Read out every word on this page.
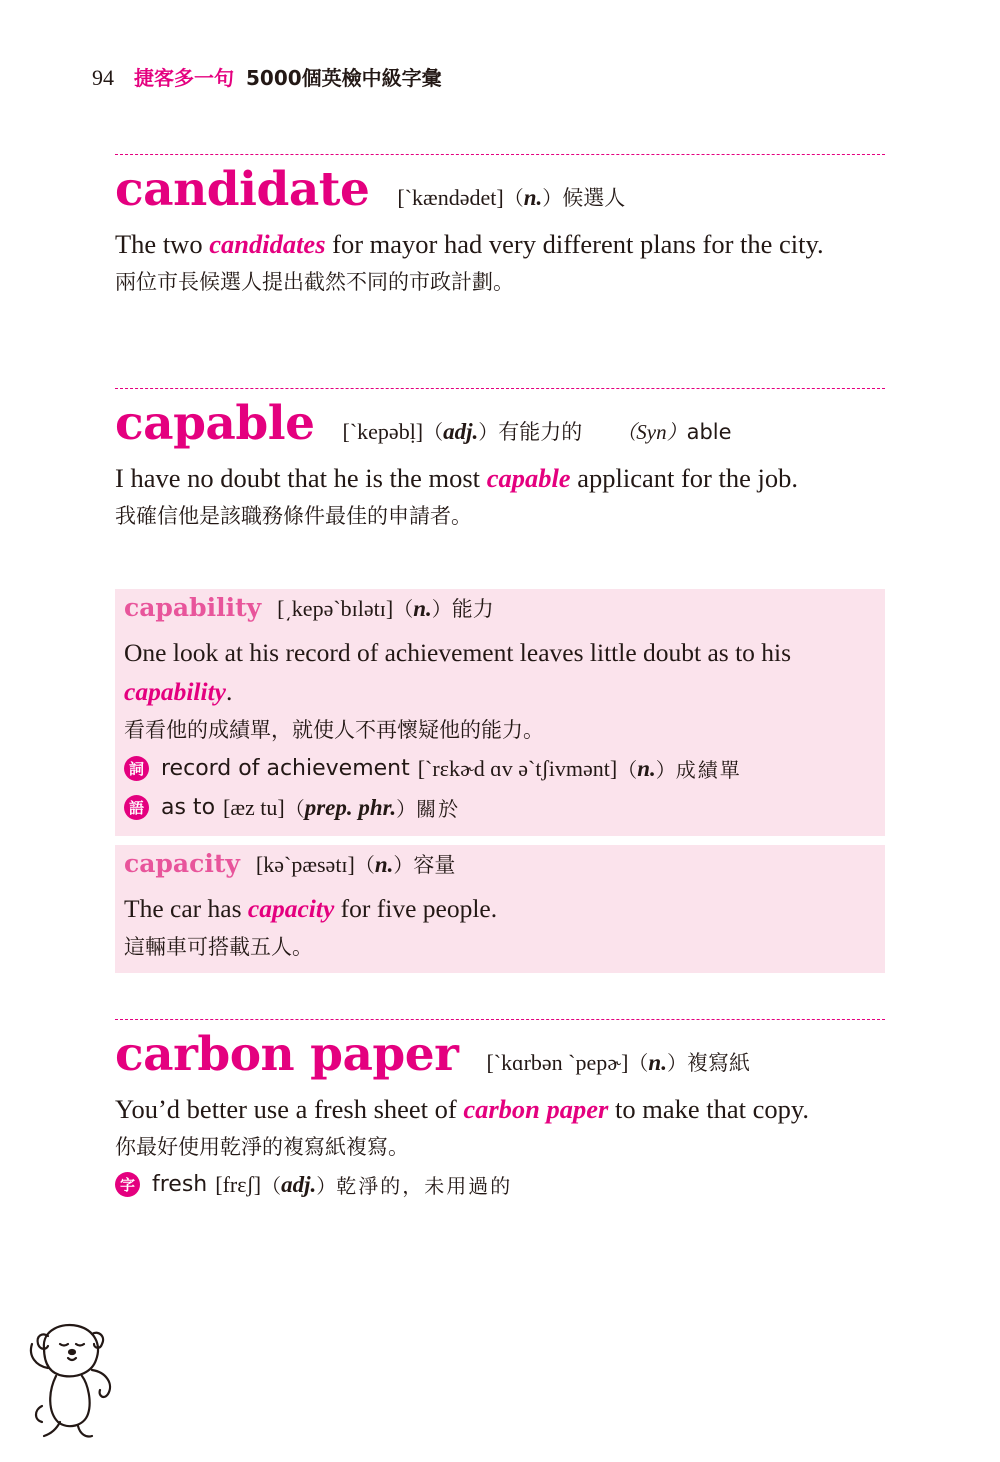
94 捷客多一句 5000個英檢中級字彙
candidate [ˋkændədet] （ n. ） 候選人
The two candidates for mayor had very different plans for the city.
兩位市長候選人提出截然不同的市政計劃。
capable [ˋkepəbḷ] （ adj. ） 有能力的 （Syn） able
I have no doubt that he is the most capable applicant for the job.
我確信他是該職務條件最佳的申請者。
capability [͵kepəˋbɪlətɪ] （ n. ） 能力
One look at his record of achievement leaves little doubt as to his capability.
看看他的成績單，就使人不再懷疑他的能力。
詞 record of achievement [ˋrɛkɚd ɑv əˋtʃivmənt] （ n. ） 成績單
語 as to [æz tu] （ prep. phr. ） 關於
capacity [kəˋpæsətɪ] （ n. ） 容量
The car has capacity for five people.
這輛車可搭載五人。
carbon paper [ˋkɑrbən ˋpepɚ] （ n. ） 複寫紙
You’d better use a fresh sheet of carbon paper to make that copy.
你最好使用乾淨的複寫紙複寫。
字 fresh [frɛʃ] （ adj. ） 乾淨的，未用過的
